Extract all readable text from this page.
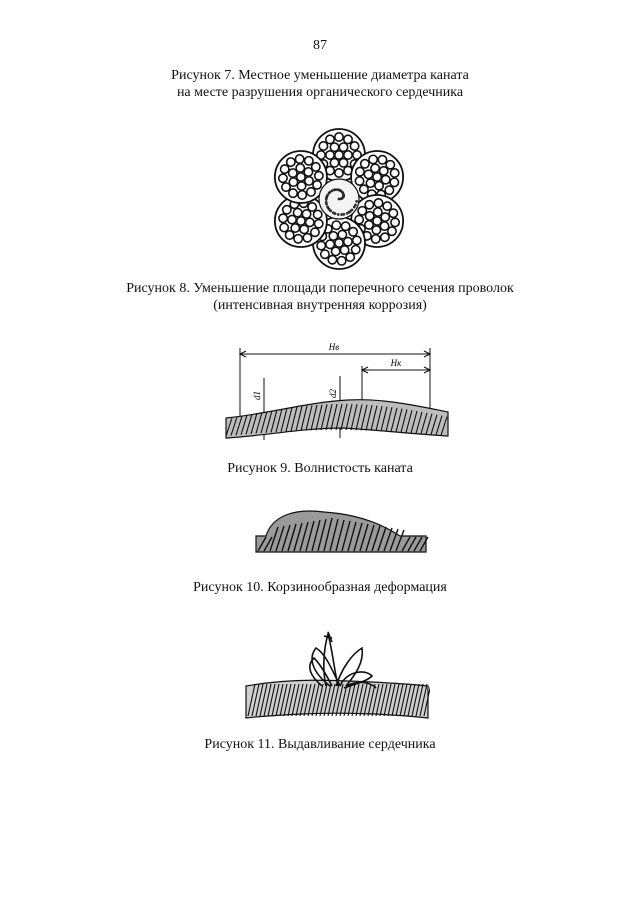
87
Рисунок 7. Местное уменьшение диаметра каната
на месте разрушения органического сердечника
Рисунок 8. Уменьшение площади поперечного сечения проволок
(интенсивная внутренняя коррозия)
Hв
Hк
d1	d2
Рисунок 9. Волнистость каната
Рисунок 10. Корзинообразная деформация
Рисунок 11. Выдавливание сердечника
